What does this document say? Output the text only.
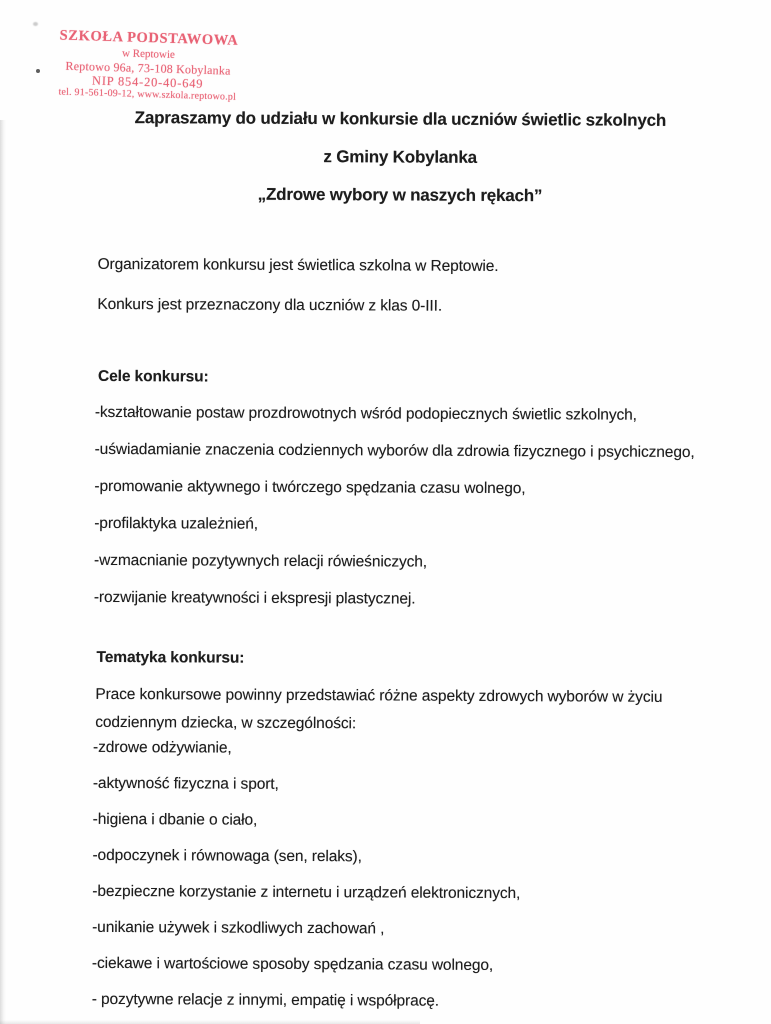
SZKOŁA PODSTAWOWA
w Reptowie
Reptowo 96a, 73-108 Kobylanka
NIP 854-20-40-649
tel. 91-561-09-12, www.szkola.reptowo.pl
Zapraszamy do udziału w konkursie dla uczniów świetlic szkolnych
z Gminy Kobylanka
„Zdrowe wybory w naszych rękach”

Organizatorem konkursu jest świetlica szkolna w Reptowie.

Konkurs jest przeznaczony dla uczniów z klas 0-III.

Cele konkursu:
-kształtowanie postaw prozdrowotnych wśród podopiecznych świetlic szkolnych,
-uświadamianie znaczenia codziennych wyborów dla zdrowia fizycznego i psychicznego,
-promowanie aktywnego i twórczego spędzania czasu wolnego,
-profilaktyka uzależnień,
-wzmacnianie pozytywnych relacji rówieśniczych,
-rozwijanie kreatywności i ekspresji plastycznej.
Tematyka konkursu:
Prace konkursowe powinny przedstawiać różne aspekty zdrowych wyborów w życiu codziennym dziecka, w szczególności:
-zdrowe odżywianie,
-aktywność fizyczna i sport,
-higiena i dbanie o ciało,
-odpoczynek i równowaga (sen, relaks),
-bezpieczne korzystanie z internetu i urządzeń elektronicznych,
-unikanie używek i szkodliwych zachowań ,
-ciekawe i wartościowe sposoby spędzania czasu wolnego,
- pozytywne relacje z innymi, empatię i współpracę.
